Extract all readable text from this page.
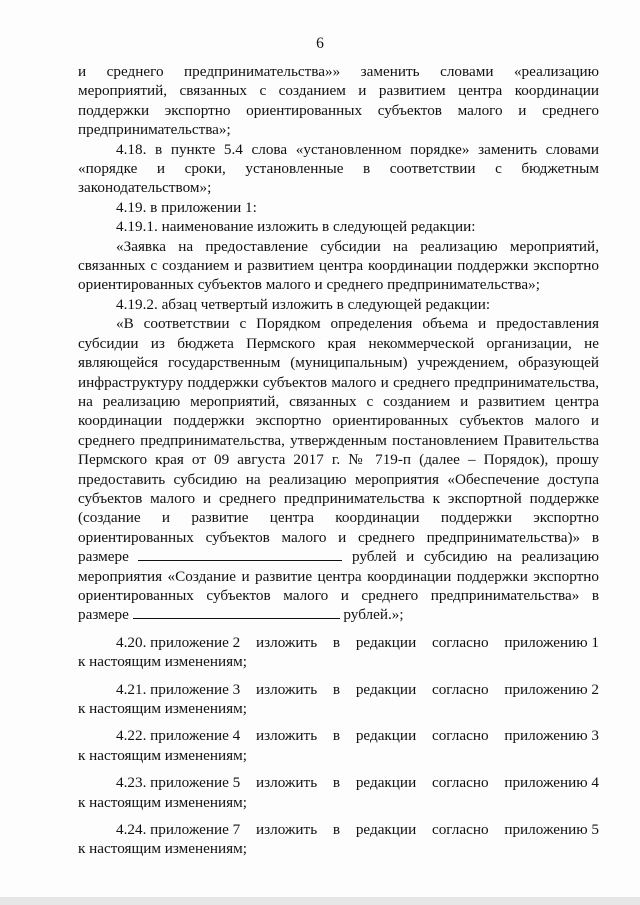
6

и среднего предпринимательства»» заменить словами «реализацию мероприятий, связанных с созданием и развитием центра координации поддержки экспортно ориентированных субъектов малого и среднего предпринимательства»;

4.18. в пункте 5.4 слова «установленном порядке» заменить словами «порядке и сроки, установленные в соответствии с бюджетным законодательством»;

4.19. в приложении 1:

4.19.1. наименование изложить в следующей редакции:

«Заявка на предоставление субсидии на реализацию мероприятий, связанных с созданием и развитием центра координации поддержки экспортно ориентированных субъектов малого и среднего предпринимательства»;

4.19.2. абзац четвертый изложить в следующей редакции:

«В соответствии с Порядком определения объема и предоставления субсидии из бюджета Пермского края некоммерческой организации, не являющейся государственным (муниципальным) учреждением, образующей инфраструктуру поддержки субъектов малого и среднего предпринимательства, на реализацию мероприятий, связанных с созданием и развитием центра координации поддержки экспортно ориентированных субъектов малого и среднего предпринимательства, утвержденным постановлением Правительства Пермского края от 09 августа 2017 г. № 719-п (далее – Порядок), прошу предоставить субсидию на реализацию мероприятия «Обеспечение доступа субъектов малого и среднего предпринимательства к экспортной поддержке (создание и развитие центра координации поддержки экспортно ориентированных субъектов малого и среднего предпринимательства)» в размере	рублей и субсидию на реализацию мероприятия «Создание и развитие центра координации поддержки экспортно ориентированных субъектов малого и среднего предпринимательства» в размере	рублей.»;

4.20. приложение 2 изложить в редакции согласно приложению 1

к настоящим изменениям;

4.21. приложение 3 изложить в редакции согласно приложению 2

к настоящим изменениям;

4.22. приложение 4 изложить в редакции согласно приложению 3

к настоящим изменениям;

4.23. приложение 5 изложить в редакции согласно приложению 4

к настоящим изменениям;

4.24. приложение 7 изложить в редакции согласно приложению 5

к настоящим изменениям;
